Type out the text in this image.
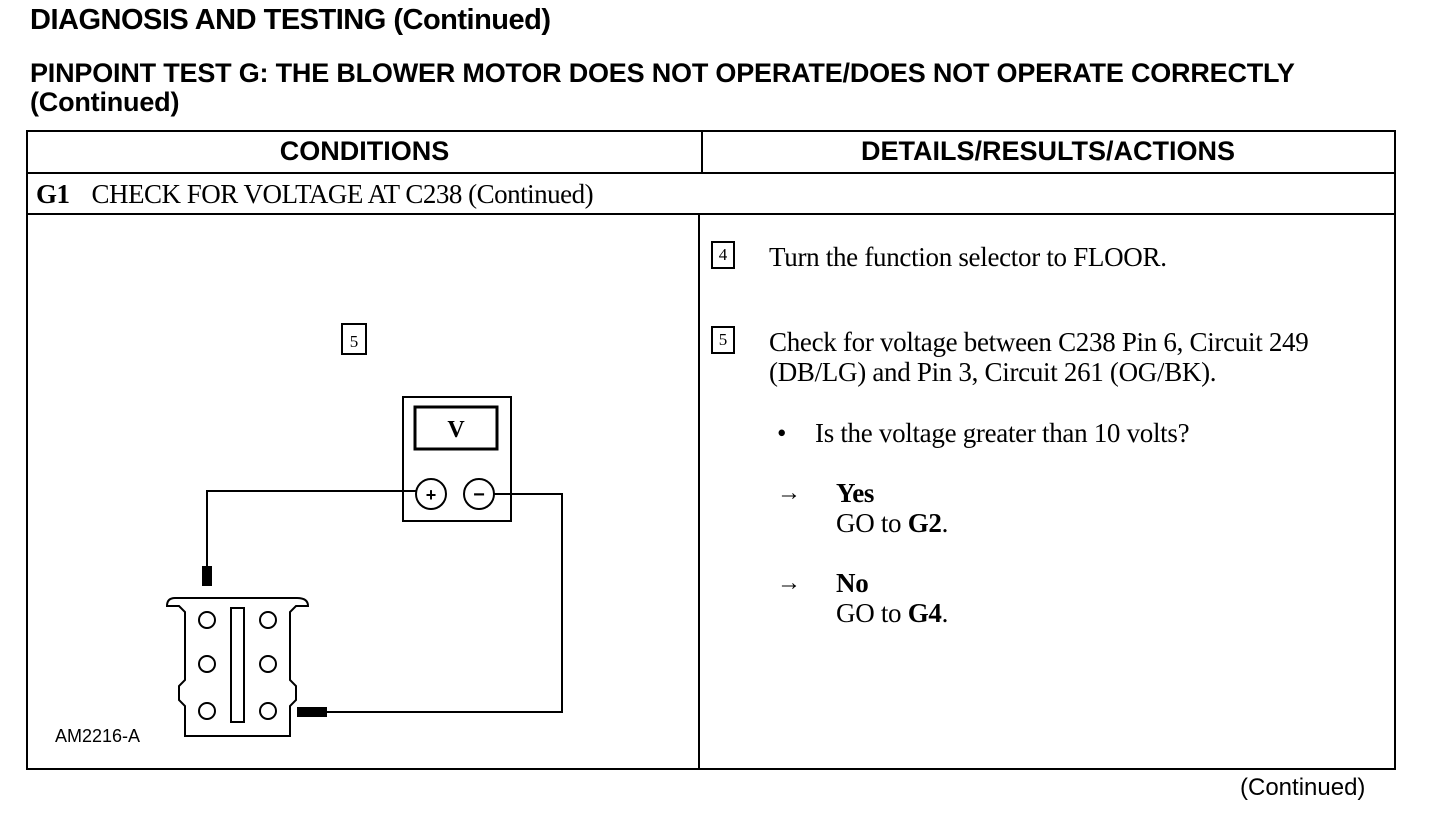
DIAGNOSIS AND TESTING (Continued)
PINPOINT TEST G: THE BLOWER MOTOR DOES NOT OPERATE/DOES NOT OPERATE CORRECTLY (Continued)
CONDITIONS	DETAILS/RESULTS/ACTIONS
G1 CHECK FOR VOLTAGE AT C238 (Continued)
5
V
+ −
AM2216-A
4 Turn the function selector to FLOOR.
5 Check for voltage between C238 Pin 6, Circuit 249
(DB/LG) and Pin 3, Circuit 261 (OG/BK).
• Is the voltage greater than 10 volts?
→ Yes
GO to G2.
→ No
GO to G4.
(Continued)
